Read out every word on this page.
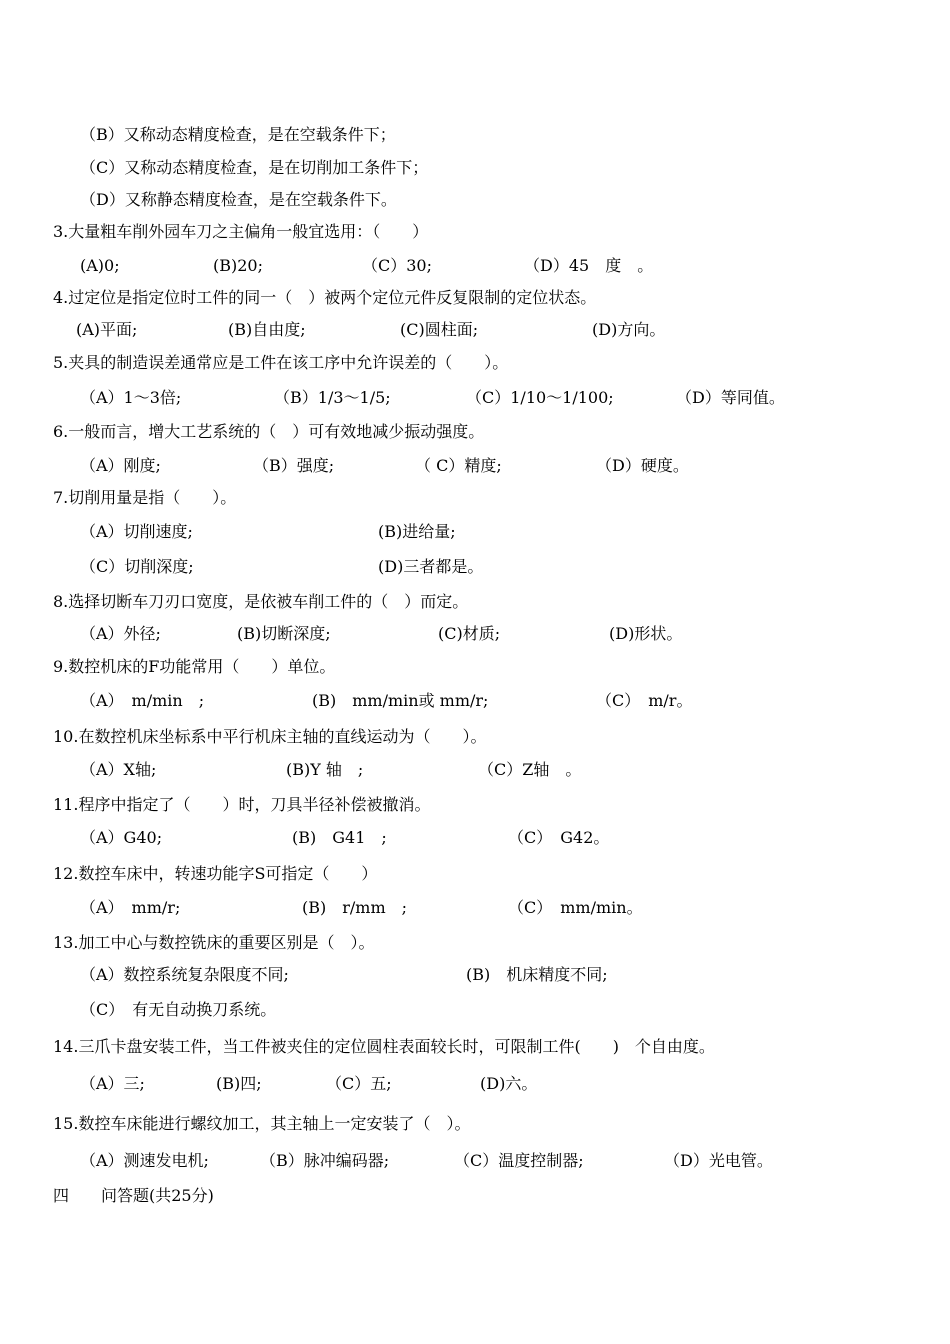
（B）又称动态精度检查，是在空载条件下；
（C）又称动态精度检查，是在切削加工条件下；
（D）又称静态精度检查，是在空载条件下。
3.大量粗车削外园车刀之主偏角一般宜选用：（　　）
(A)0;	(B)20;	（C）30;	（D）45　度　。
4.过定位是指定位时工件的同一（　）被两个定位元件反复限制的定位状态。
(A)平面;	(B)自由度;	(C)圆柱面;	(D)方向。
5.夹具的制造误差通常应是工件在该工序中允许误差的（　　）。
（A）1～3倍;	（B）1/3～1/5;	（C）1/10～1/100;	（D）等同值。
6.一般而言，增大工艺系统的（　）可有效地减少振动强度。
（A）刚度;	（B）强度;	（ C）精度;	（D）硬度。
7.切削用量是指（　　）。
（A）切削速度;	(B)进给量;
（C）切削深度;	(D)三者都是。
8.选择切断车刀刃口宽度，是依被车削工件的（　）而定。
（A）外径;	(B)切断深度;	(C)材质;	(D)形状。
9.数控机床的F功能常用（　　）单位。
（A）　m/min　;	(B)　mm/min或 mm/r;	（C）　m/r。
10.在数控机床坐标系中平行机床主轴的直线运动为（　　）。
（A）X轴;	(B)Y 轴　;	（C）Z轴　。
11.程序中指定了（　　）时，刀具半径补偿被撤消。
（A）G40;	(B)　G41　;	（C）　G42。
12.数控车床中，转速功能字S可指定（　　）
（A）　mm/r;	(B)　r/mm　;	（C）　mm/min。
13.加工中心与数控铣床的重要区别是（　）。
（A）数控系统复杂限度不同;	(B)　机床精度不同;
（C）　有无自动换刀系统。
14.三爪卡盘安装工件，当工件被夹住的定位圆柱表面较长时，可限制工件(　　)　个自由度。
（A）三;	(B)四;	（C）五;	(D)六。
15.数控车床能进行螺纹加工，其主轴上一定安装了（　）。
（A）测速发电机;	（B）脉冲编码器;	（C）温度控制器;	（D）光电管。
四　　问答题(共25分)
